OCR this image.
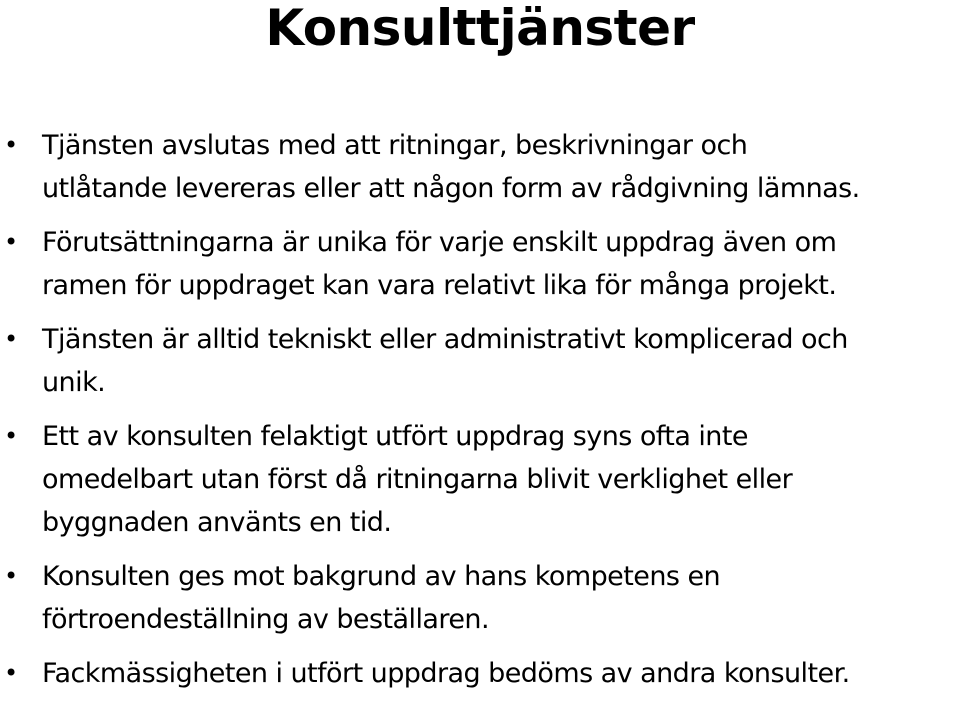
Konsulttjänster
• Tjänsten avslutas med att ritningar, beskrivningar och
utlåtande levereras eller att någon form av rådgivning lämnas.
• Förutsättningarna är unika för varje enskilt uppdrag även om
ramen för uppdraget kan vara relativt lika för många projekt.
• Tjänsten är alltid tekniskt eller administrativt komplicerad och
unik.
• Ett av konsulten felaktigt utfört uppdrag syns ofta inte
omedelbart utan först då ritningarna blivit verklighet eller
byggnaden använts en tid.
• Konsulten ges mot bakgrund av hans kompetens en
förtroendeställning av beställaren.
• Fackmässigheten i utfört uppdrag bedöms av andra konsulter.
